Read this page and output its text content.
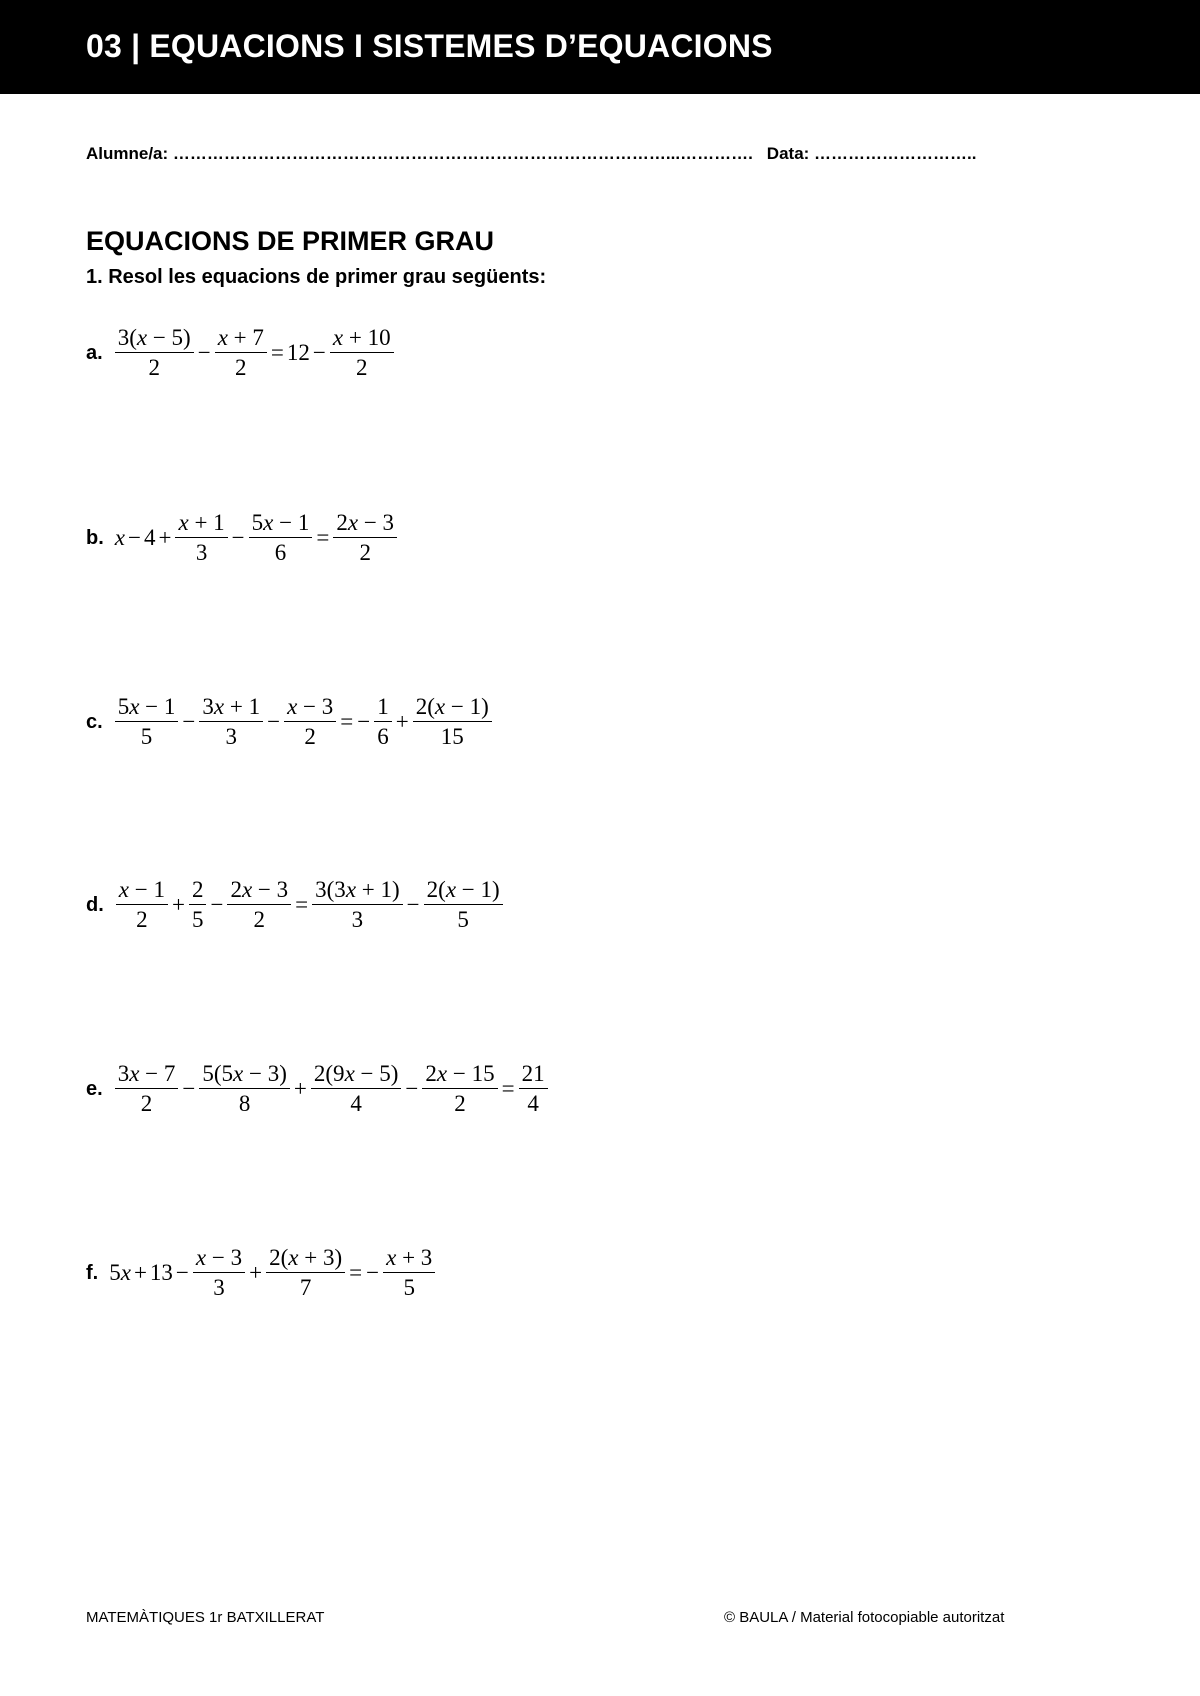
03 | EQUACIONS I SISTEMES D’EQUACIONS
Alumne/a: ……………………………………………………………………………...…………. Data: ………………………..
EQUACIONS DE PRIMER GRAU
1. Resol les equacions de primer grau següents:
a. $\frac{3(x - 5)}{2} - \frac{x + 7}{2} = 12 - \frac{x + 10}{2}$
b. $x - 4 + \frac{x + 1}{3} - \frac{5x - 1}{6} = \frac{2x - 3}{2}$
c. $\frac{5x - 1}{5} - \frac{3x + 1}{3} - \frac{x - 3}{2}$ = − $\frac{1}{6} + \frac{2(x - 1)}{15}$
d. $\frac{x - 1}{2} + \frac{2}{5} - \frac{2x - 3}{2} = \frac{3(3x + 1)}{3} - \frac{2(x - 1)}{5}$
e. $\frac{3x - 7}{2} - \frac{5(5x - 3)}{8} + \frac{2(9x - 5)}{4} - \frac{2x - 15}{2} = \frac{21}{4}$
f. $5x + 13 - \frac{x - 3}{3} + \frac{2(x + 3)}{7}$ = − $\frac{x + 3}{5}$
MATEMÀTIQUES 1r BATXILLERAT	© BAULA / Material fotocopiable autoritzat
